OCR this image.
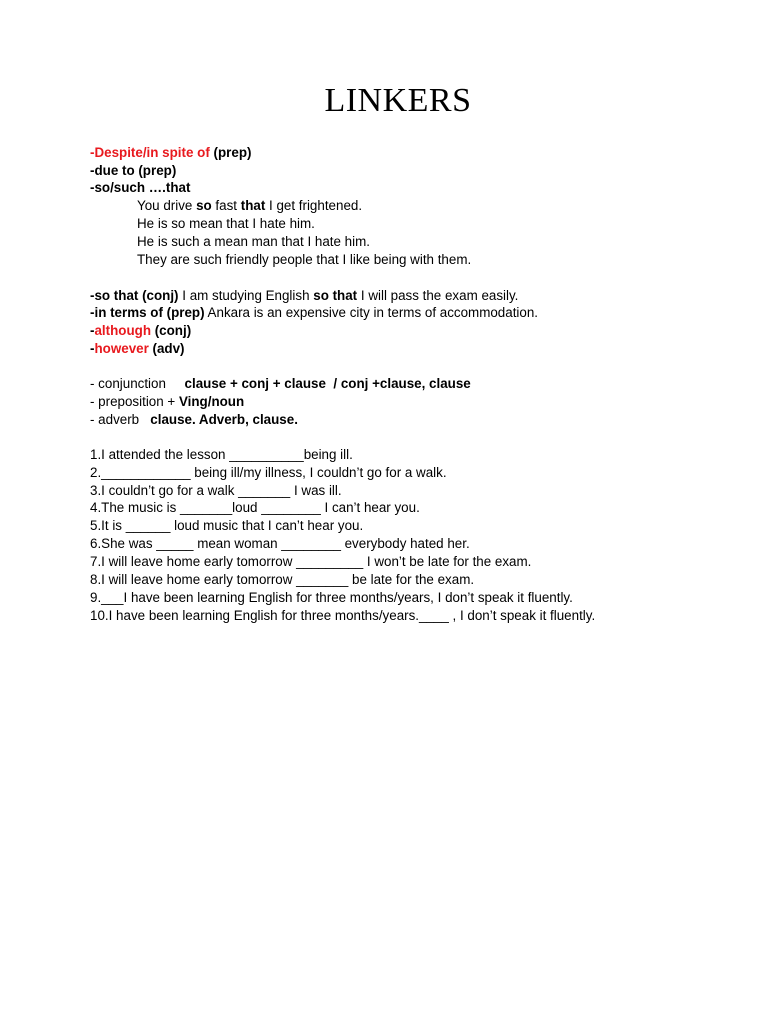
LINKERS
-Despite/in spite of (prep)
-due to (prep)
-so/such ….that
You drive so fast that I get frightened.
He is so mean that I hate him.
He is such a mean man that I hate him.
They are such friendly people that I like being with them.
-so that (conj) I am studying English so that I will pass the exam easily.
-in terms of (prep) Ankara is an expensive city in terms of accommodation.
-although (conj)
-however (adv)
- conjunction     clause + conj + clause  / conj +clause, clause
- preposition + Ving/noun
- adverb   clause. Adverb, clause.
1.I attended the lesson __________being ill.
2.____________ being ill/my illness, I couldn’t go for a walk.
3.I couldn’t go for a walk _______ I was ill.
4.The music is _______loud ________ I can’t hear you.
5.It is ______ loud music that I can’t hear you.
6.She was _____ mean woman ________ everybody hated her.
7.I will leave home early tomorrow _________ I won’t be late for the exam.
8.I will leave home early tomorrow _______ be late for the exam.
9.___I have been learning English for three months/years, I don’t speak it fluently.
10.I have been learning English for three months/years.____ , I don’t speak it fluently.
